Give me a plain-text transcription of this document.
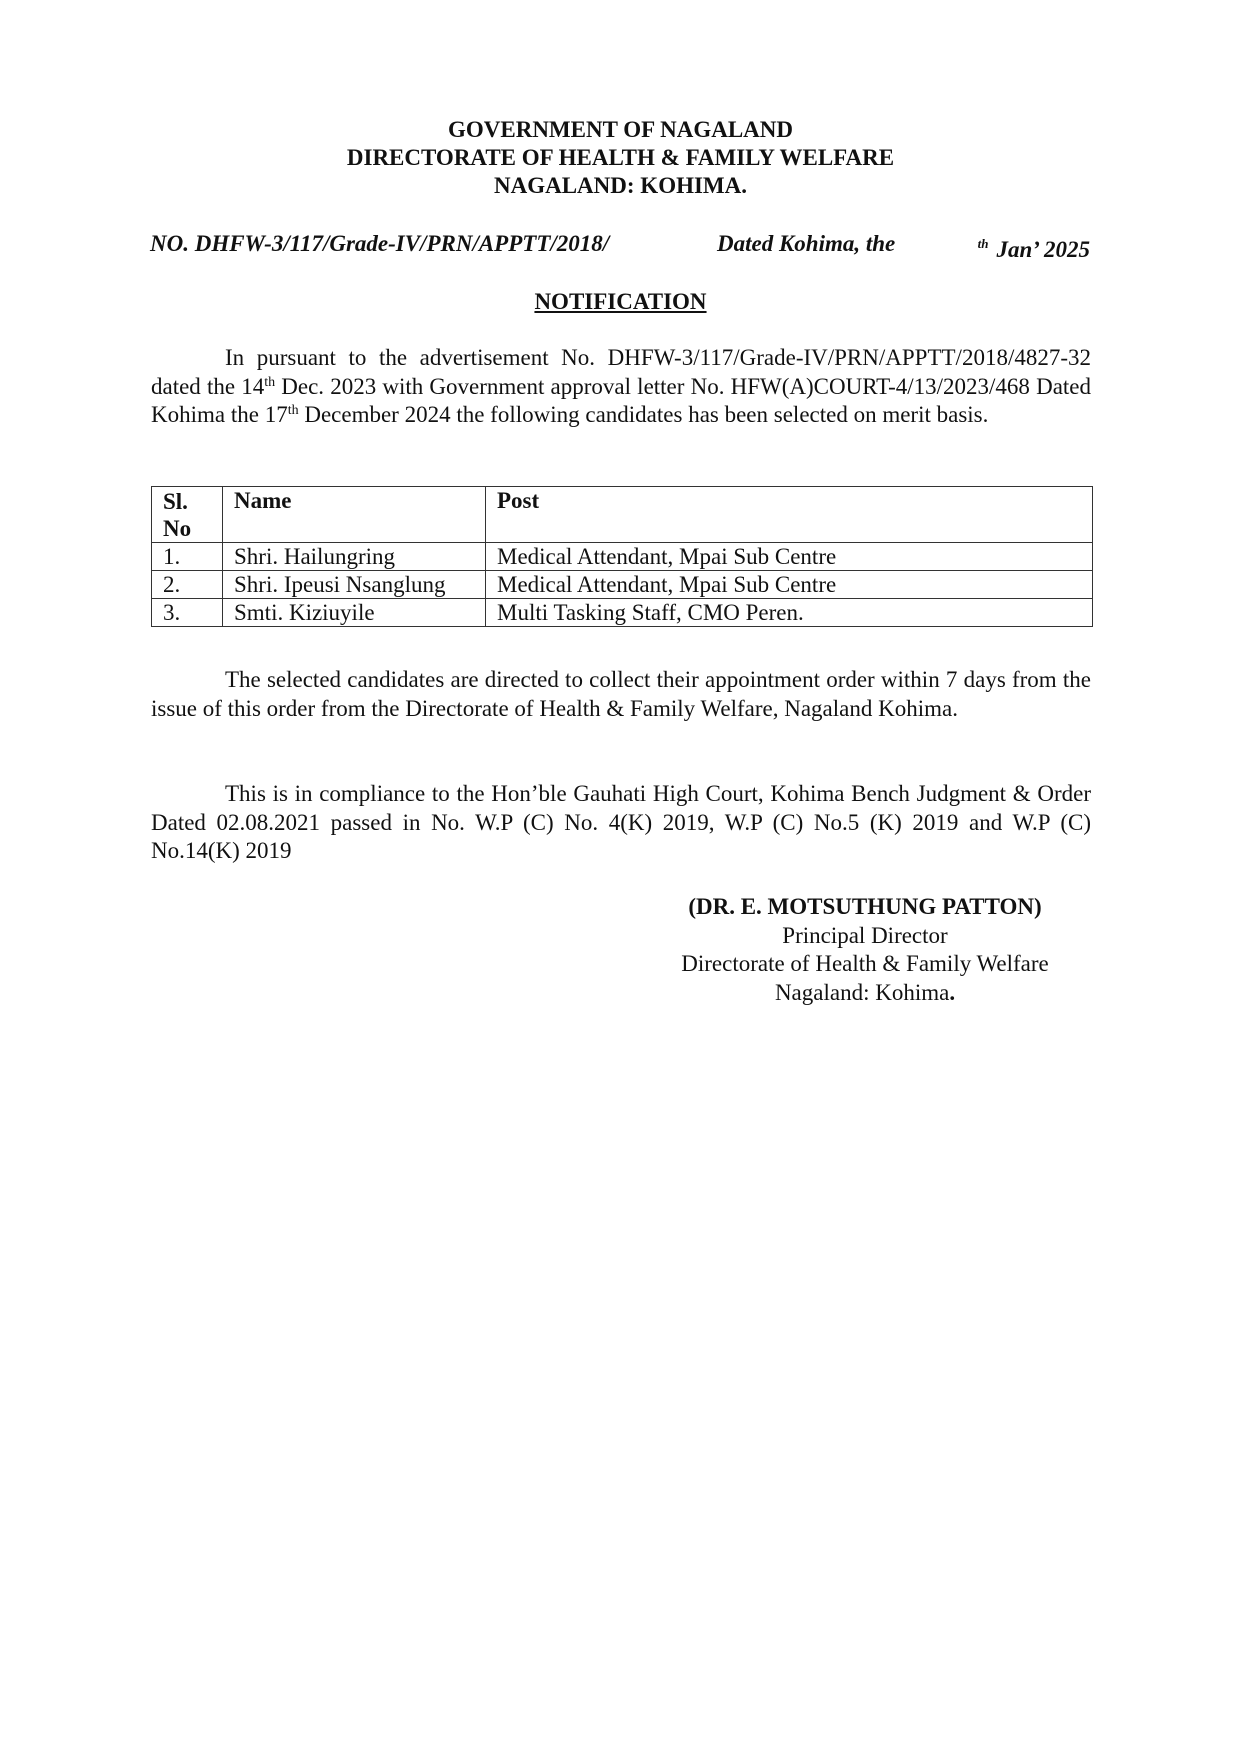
GOVERNMENT OF NAGALAND
DIRECTORATE OF HEALTH & FAMILY WELFARE
NAGALAND: KOHIMA.
NO. DHFW-3/117/Grade-IV/PRN/APPTT/2018/	Dated Kohima, the	$^{th}$ Jan’ 2025
NOTIFICATION

In pursuant to the advertisement No. DHFW-3/117/Grade-IV/PRN/APPTT/2018/4827-32 dated the 14th Dec. 2023 with Government approval letter No. HFW(A)COURT-4/13/2023/468 Dated Kohima the 17th December 2024 the following candidates has been selected on merit basis.

Sl.
No	Name	Post
1.	Shri. Hailungring	Medical Attendant, Mpai Sub Centre
2.	Shri. Ipeusi Nsanglung	Medical Attendant, Mpai Sub Centre
3.	Smti. Kiziuyile	Multi Tasking Staff, CMO Peren.

The selected candidates are directed to collect their appointment order within 7 days from the issue of this order from the Directorate of Health & Family Welfare, Nagaland Kohima.

This is in compliance to the Hon’ble Gauhati High Court, Kohima Bench Judgment & Order Dated 02.08.2021 passed in No. W.P (C) No. 4(K) 2019, W.P (C) No.5 (K) 2019 and W.P (C) No.14(K) 2019

(DR. E. MOTSUTHUNG PATTON)
Principal Director
Directorate of Health & Family Welfare
Nagaland: Kohima.
